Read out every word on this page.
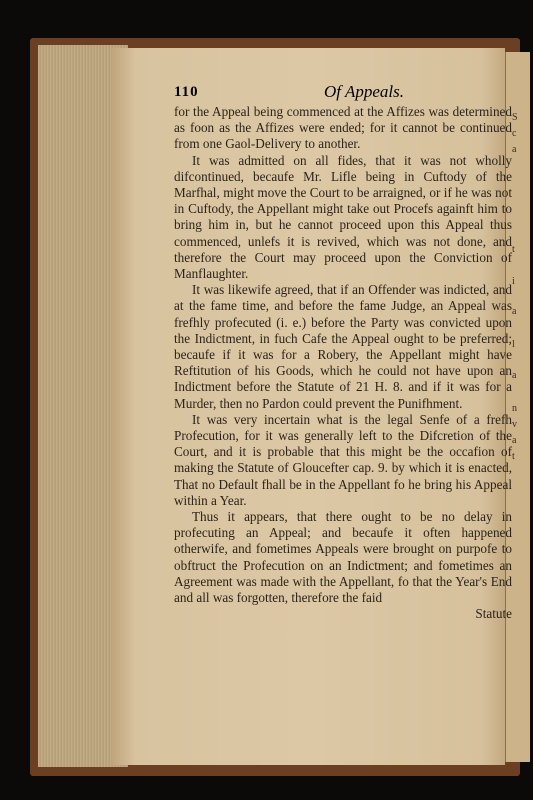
S
c
a
t
i
a
l
a
n
v
a
t
110	Of Appeals.

for the Appeal being commenced at the Affizes was determined as foon as the Affizes were ended; for it cannot be continued from one Gaol-Delivery to another.

It was admitted on all fides, that it was not wholly difcontinued, becaufe Mr. Lifle being in Cuftody of the Marfhal, might move the Court to be arraigned, or if he was not in Cuftody, the Appellant might take out Procefs againft him to bring him in, but he cannot proceed upon this Appeal thus commenced, unlefs it is revived, which was not done, and therefore the Court may proceed upon the Conviction of Manflaughter.

It was likewife agreed, that if an Offender was indicted, and at the fame time, and before the fame Judge, an Appeal was frefhly profecuted (i. e.) before the Party was convicted upon the Indictment, in fuch Cafe the Appeal ought to be preferred; becaufe if it was for a Robery, the Appellant might have Reftitution of his Goods, which he could not have upon an Indictment before the Statute of 21 H. 8. and if it was for a Murder, then no Pardon could prevent the Punifhment.

It was very incertain what is the legal Senfe of a frefh Profecution, for it was generally left to the Difcretion of the Court, and it is probable that this might be the occafion of making the Statute of Gloucefter cap. 9. by which it is enacted, That no Default fhall be in the Appellant fo he bring his Appeal within a Year.

Thus it appears, that there ought to be no delay in profecuting an Appeal; and becaufe it often happened otherwife, and fometimes Appeals were brought on purpofe to obftruct the Profecution on an Indictment; and fometimes an Agreement was made with the Appellant, fo that the Year's End and all was forgotten, therefore the faid

Statute
